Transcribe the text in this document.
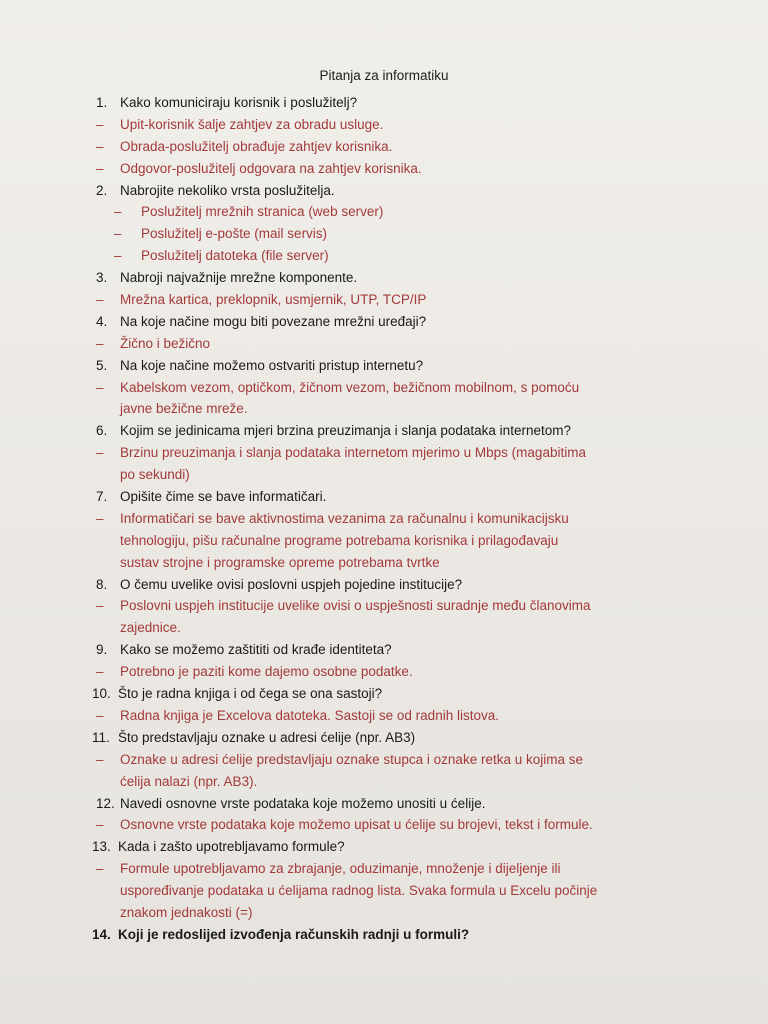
Pitanja za informatiku
1. Kako komuniciraju korisnik i poslužitelj?
– Upit-korisnik šalje zahtjev za obradu usluge.
– Obrada-poslužitelj obrađuje zahtjev korisnika.
– Odgovor-poslužitelj odgovara na zahtjev korisnika.
2. Nabrojite nekoliko vrsta poslužitelja.
– Poslužitelj mrežnih stranica (web server)
– Poslužitelj e-pošte (mail servis)
– Poslužitelj datoteka (file server)
3. Nabroji najvažnije mrežne komponente.
– Mrežna kartica, preklopnik, usmjernik, UTP, TCP/IP
4. Na koje načine mogu biti povezane mrežni uređaji?
– Žično i bežično
5. Na koje načine možemo ostvariti pristup internetu?
– Kabelskom vezom, optičkom, žičnom vezom, bežičnom mobilnom, s pomoću
javne bežične mreže.
6. Kojim se jedinicama mjeri brzina preuzimanja i slanja podataka internetom?
– Brzinu preuzimanja i slanja podataka internetom mjerimo u Mbps (magabitima
po sekundi)
7. Opišite čime se bave informatičari.
– Informatičari se bave aktivnostima vezanima za računalnu i komunikacijsku
tehnologiju, pišu računalne programe potrebama korisnika i prilagođavaju
sustav strojne i programske opreme potrebama tvrtke
8. O čemu uvelike ovisi poslovni uspjeh pojedine institucije?
– Poslovni uspjeh institucije uvelike ovisi o uspješnosti suradnje među članovima
zajednice.
9. Kako se možemo zaštititi od krađe identiteta?
– Potrebno je paziti kome dajemo osobne podatke.
10. Što je radna knjiga i od čega se ona sastoji?
– Radna knjiga je Excelova datoteka. Sastoji se od radnih listova.
11. Što predstavljaju oznake u adresi ćelije (npr. AB3)
– Oznake u adresi ćelije predstavljaju oznake stupca i oznake retka u kojima se
ćelija nalazi (npr. AB3).
12. Navedi osnovne vrste podataka koje možemo unositi u ćelije.
– Osnovne vrste podataka koje možemo upisat u ćelije su brojevi, tekst i formule.
13. Kada i zašto upotrebljavamo formule?
– Formule upotrebljavamo za zbrajanje, oduzimanje, množenje i dijeljenje ili
uspoređivanje podataka u ćelijama radnog lista. Svaka formula u Excelu počinje
znakom jednakosti (=)
14. Koji je redoslijed izvođenja računskih radnji u formuli?
